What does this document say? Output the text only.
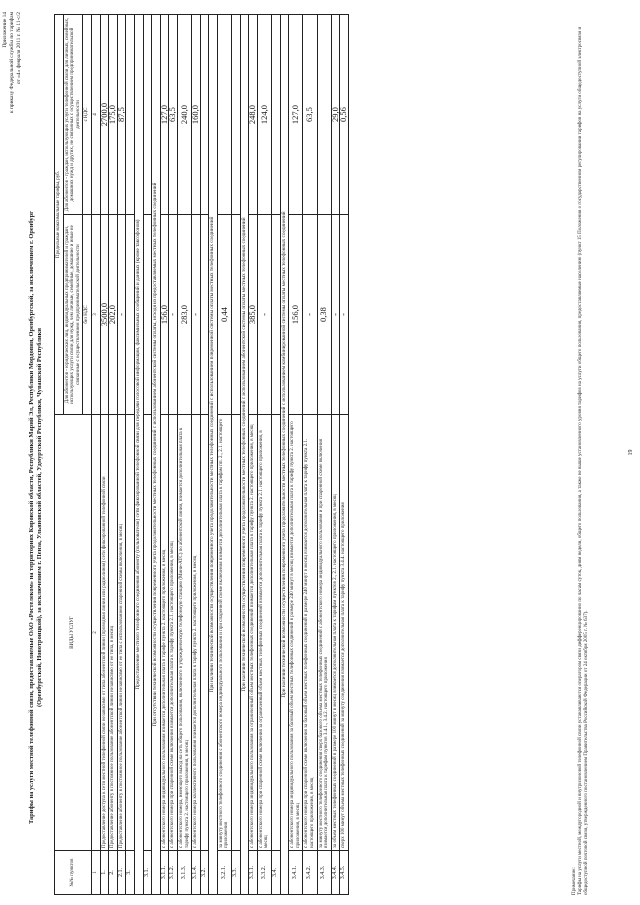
Приложение 14 к приказу Федеральной службы по тарифам от «4» февраля 2011 г. № 11-с/2
Тарифы на услуги местной телефонной связи, предоставляемые ОАО «Ростелеком» на территориях Кировской области, Республики Марий Эл, Республики Мордовия, Оренбургской, за исключением г. Оренбург (Оренбургской, Новотроицкой), за исключением г. Пенза, Ульяновской областей, Удмуртской Республики, Чувашской Республики
№№ пунктов	ВИДЫ УСЛУГ	Предельные максимальные тарифы, руб.	
		Для абонентов - юридических лиц, индивидуальных предпринимателей и граждан, использующих услуги связи для нужд, чем личные, семейные, домашние и иные не связанные с осуществлением предпринимательской деятельности	Для абонентов - граждан, использующих услуги телефонной связи для личных, семейных, домашних нужд и других, не связанных с осуществлением предпринимательской деятельности
		без НДС	с НДС
1	2	3	4
1.	Предоставление доступа к сети местной телефонной связи независимо от типа абонентской линии (проводная линия или радиолиния) сети фиксированной телефонной связи	3500,0	2700,0
2.	Предоставление абоненту в постоянное пользование абонентской линии независимо от ее типа, в месяц	202,0	175,0
2.1.	Предоставление абоненту в постоянное пользование абонентской линии независимо от ее типа с использованием спаренной схемы включения, в месяц	-	87,5
3.			
Предоставление местного телефонного соединения абоненту (пользователю) сети фиксированной телефонной связи для передачи голосовой информации, факсимильных сообщений и данных (кроме таксофонов)			
3.1.			
При отсутствии технической возможности осуществления повременного учета продолжительности местных телефонных соединений с использованием абонентской системы оплаты, исходя из предоставляемых местных телефонных соединений			
3.1.1.	с абонентского номера индивидуального пользования взимается дополнительная плата в тарифе пункта 2. настоящего приложения, в месяц	156,0	127,0
3.1.2.	с абонентского номера при спаренной схеме включения взимается дополнительная плата к тарифу пункта 2.1. настоящего приложения, в месяц	-	63,5
3.1.3.	с абонентского номера, имеющего выход на сеть общего пользования, включенного в учрежденческую телефонную станцию (Мини-АТС) по абонентской линии, взимается дополнительная плата к тарифу пункта 2. настоящего приложения, в месяц	283,0	240,0
3.1.4.	с абонентского номера коллективного пользования взимается дополнительная плата к тарифу пункта 2. настоящего приложения, в месяц	-	160,0
3.2.			
При наличии технической возможности осуществления повременного учета продолжительности местных телефонных соединений с использованием повременной системы оплаты местных телефонных соединений			
3.2.1.	за минуту местного телефонного соединения с абонентского номера индивидуального пользования и при спаренной схеме включения взимается дополнительная плата к тарифам пп. 2., 2.1. настоящего приложения	0,44	
3.3.			
При наличии технической возможности осуществления повременного учета продолжительности местных телефонных соединений с использованием абонентской системы оплаты местных телефонных соединений			
3.3.1.	с абонентского номера индивидуального пользования за ограниченный объем местных телефонных соединений взимается дополнительная плата к тарифу пункта 2. настоящего приложения, в месяц	385,0	248,0
3.3.2.	с абонентского номера при спаренной схеме включения за ограниченный объем местных телефонных соединений взимается дополнительная плата к тарифу пункта 2.1. настоящего приложения, в месяц	-	124,0
3.4.			
При наличии технической возможности осуществления повременного учета продолжительности местных телефонных соединений с использованием комбинированной системы оплаты местных телефонных соединений			
3.4.1.	с абонентского номера индивидуального пользования за базовый объем местных телефонных соединений в размере 240 минут в месяц взимается дополнительная плата к тарифу пункта 2. настоящего приложения, в месяц	156,0	127,0
3.4.2.	с абонентского номера при спаренной схеме включения за базовый объем местных телефонных соединений в размере 240 минут в месяц взимается дополнительная плата к тарифу пункта 2.1. настоящего приложения, в месяц	-	63,5
3.4.3.	за минуту местного телефонного соединения сверх базового объема местных телефонных соединений с абонентского номера индивидуального пользования и при спаренной схеме включения взимается дополнительная плата к тарифам пунктов 3.4.1., 3.4.2. настоящего приложения	0,38	
3.4.4.	за объем местных телефонных соединений в размере 100 минут в месяц взимается дополнительная плата к тарифам пунктов 2., 2.1. настоящего приложения, в месяц	-	29,0
3.4.5.	сверх 100 минут объема местных телефонных соединений за минуту соединения взимается дополнительная плата к тарифу пункта 3.4.4. настоящего приложения	-	0,56
Примечание: Тарифы на услуги местной, междугородной и внутризоновой телефонной связи устанавливаются оператором связи дифференцированно по часам суток, дням недели, общего пользования, а также не выше установленного уровня тарифов на услуги общего пользования, предоставляемые населению (пункт 15 Положения о государственном регулировании тарифов на услуги общедоступной электросвязи и общедоступной почтовой связи, утвержденного постановлением Правительства Российской Федерации от 24 октября 2005 г. № 637).
19
